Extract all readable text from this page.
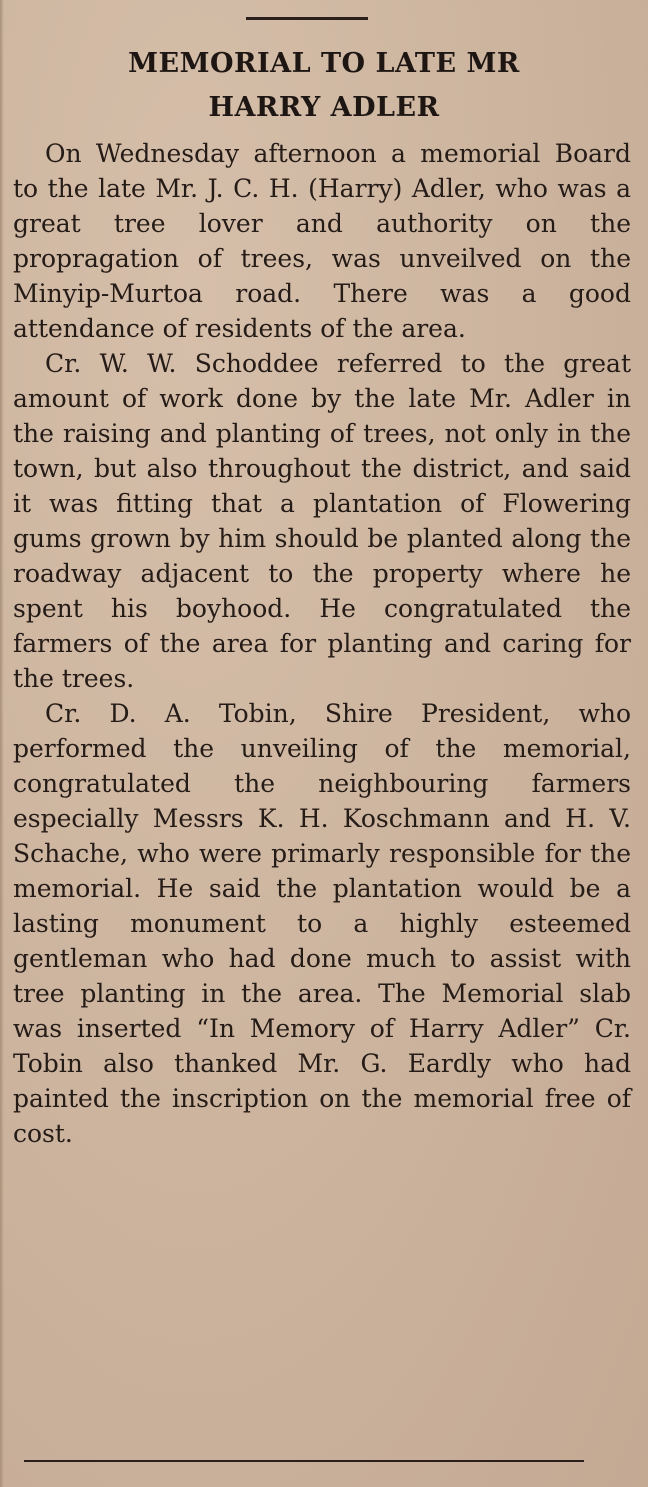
MEMORIAL TO LATE MR
HARRY ADLER

On Wednesday afternoon a memorial Board to the late Mr. J. C. H. (Harry) Adler, who was a great tree lover and authority on the propragation of trees, was unveilved on the Minyip-Murtoa road. There was a good attendance of residents of the area.

Cr. W. W. Schoddee referred to the great amount of work done by the late Mr. Adler in the raising and planting of trees, not only in the town, but also throughout the district, and said it was fitting that a plantation of Flowering gums grown by him should be planted along the roadway adjacent to the property where he spent his boyhood. He congratulated the farmers of the area for planting and caring for the trees.

Cr. D. A. Tobin, Shire President, who performed the unveiling of the memorial, congratulated the neighbouring farmers especially Messrs K. H. Koschmann and H. V. Schache, who were primarly responsible for the memorial. He said the plantation would be a lasting monument to a highly esteemed gentleman who had done much to assist with tree planting in the area. The Memorial slab was inserted “In Memory of Harry Adler” Cr. Tobin also thanked Mr. G. Eardly who had painted the inscription on the memorial free of cost.
